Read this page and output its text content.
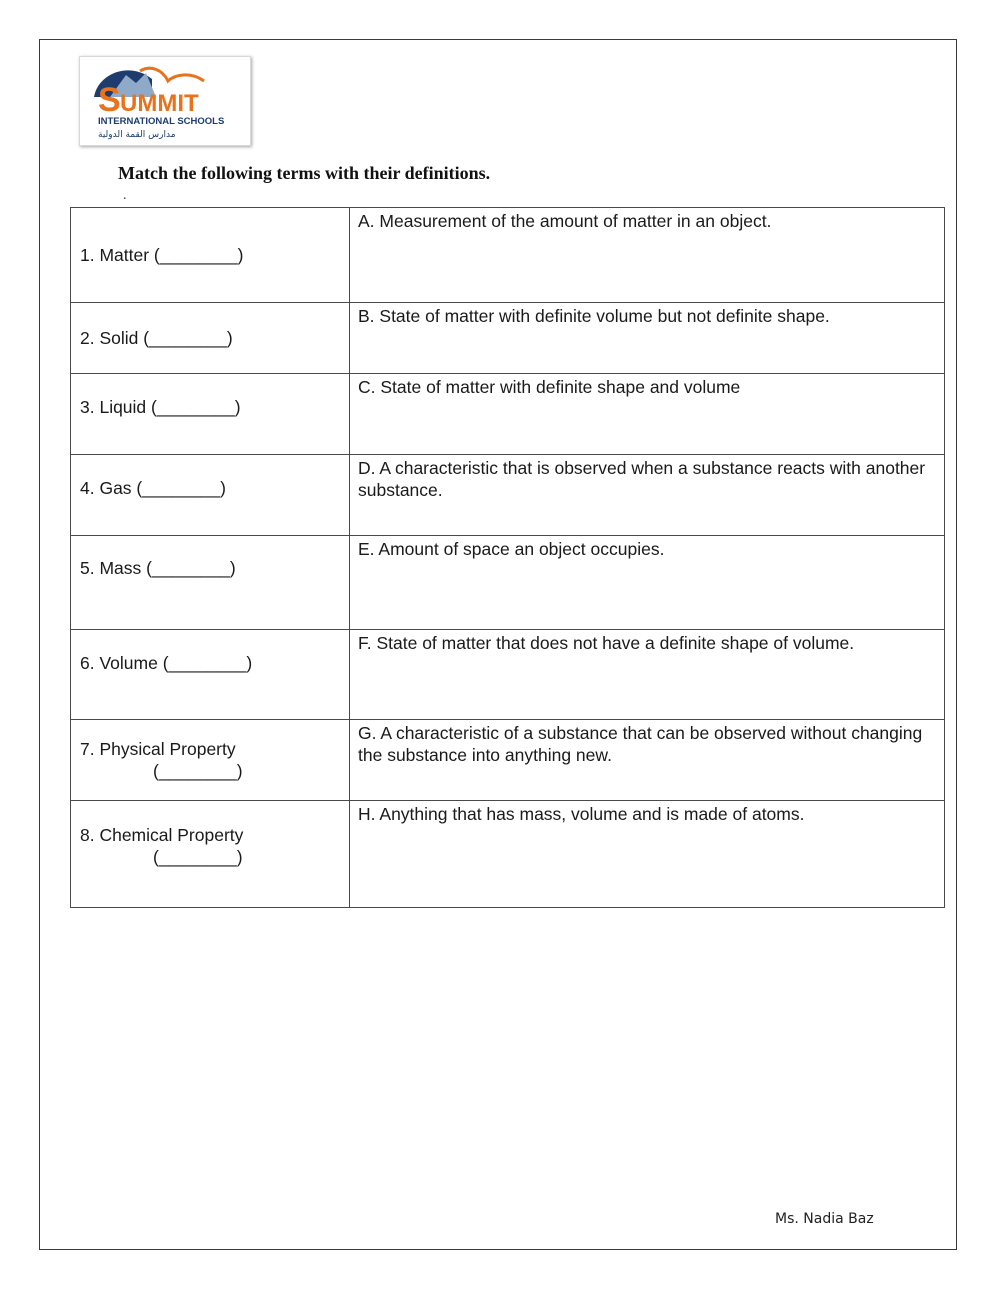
S UMMIT
INTERNATIONAL SCHOOLS
مدارس القمة الدولية
Match the following terms with their definitions.
.
1. Matter (________)	A. Measurement of the amount of matter in an object.

2. Solid (________)	B. State of matter with definite volume but not definite shape.

3. Liquid (________)	C. State of matter with definite shape and volume

4. Gas (________)	D. A characteristic that is observed when a substance reacts with another substance.

5. Mass (________)	E. Amount of space an object occupies.

6. Volume (________)	F. State of matter that does not have a definite shape of volume.

7. Physical Property
(________)	G. A characteristic of a substance that can be observed without changing the substance into anything new.

8. Chemical Property
(________)	H. Anything that has mass, volume and is made of atoms.
Ms. Nadia Baz
